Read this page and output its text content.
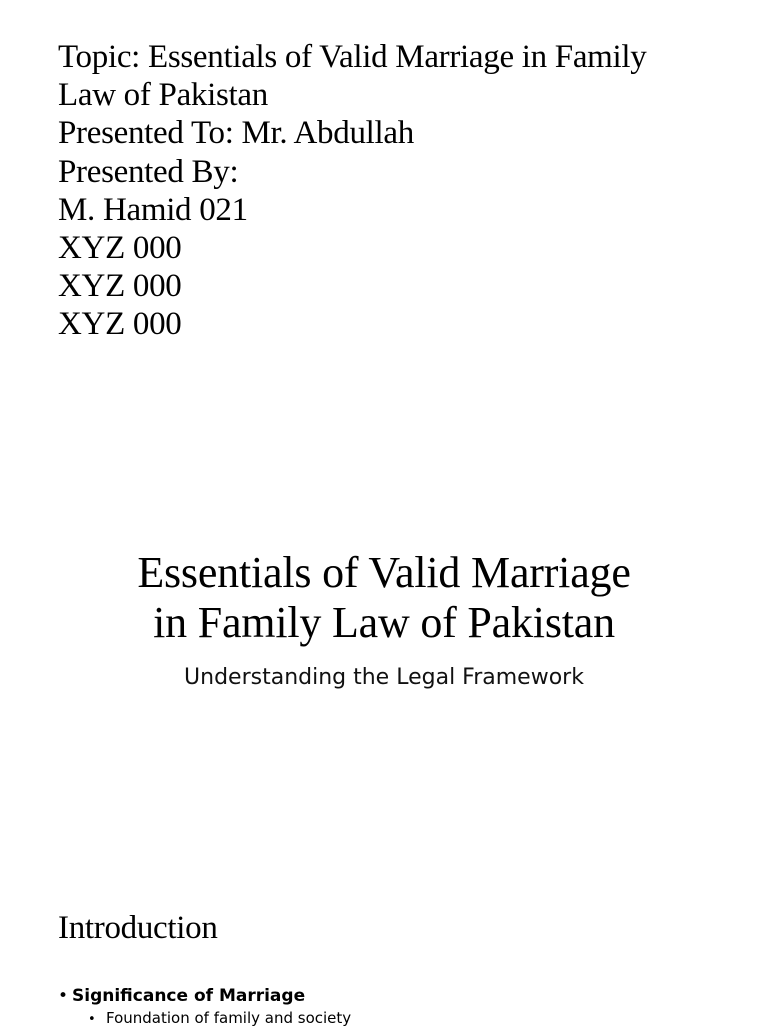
Topic: Essentials of Valid Marriage in Family
Law of Pakistan
Presented To: Mr. Abdullah
Presented By:
M. Hamid 021
XYZ 000
XYZ 000
XYZ 000
Essentials of Valid Marriage
in Family Law of Pakistan
Understanding the Legal Framework
Introduction
• Significance of Marriage
• Foundation of family and society
